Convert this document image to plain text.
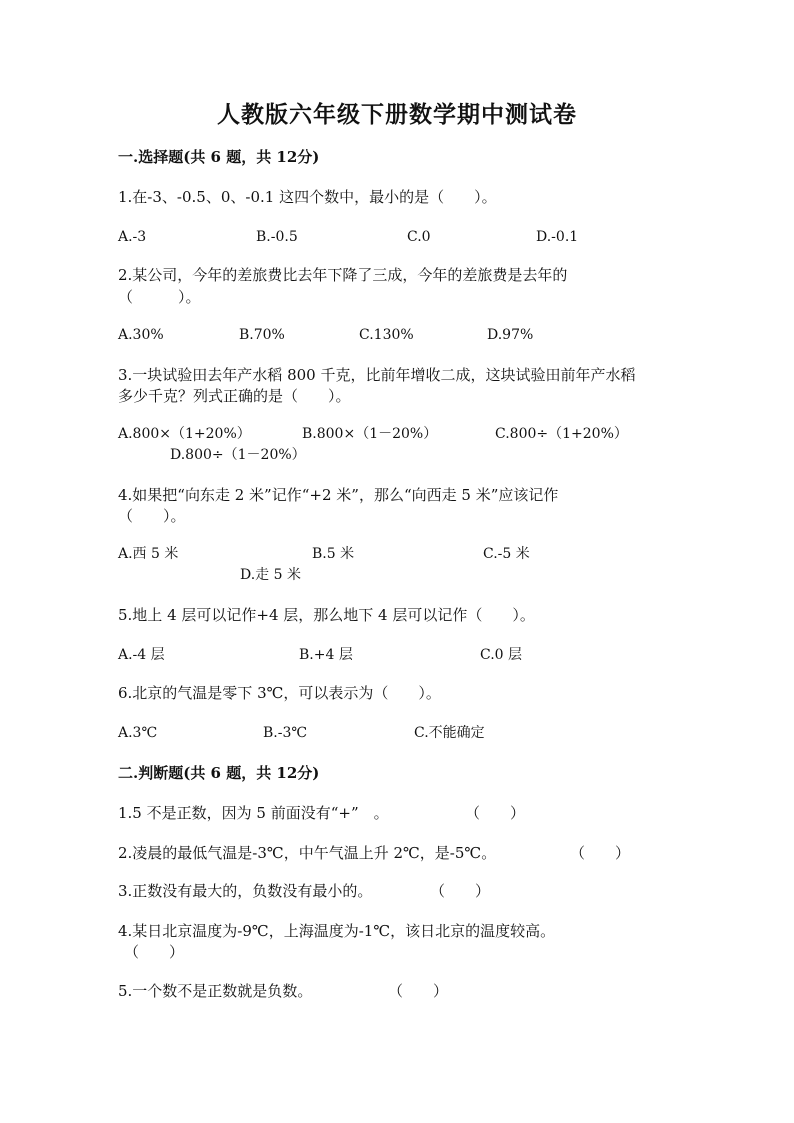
人教版六年级下册数学期中测试卷
一.选择题(共 6 题，共 12分)
1.在-3、-0.5、0、-0.1 这四个数中，最小的是（　　）。
A.-3	B.-0.5	C.0	D.-0.1
2.某公司，今年的差旅费比去年下降了三成，今年的差旅费是去年的
（　　　）。
A.30%	B.70%	C.130%	D.97%
3.一块试验田去年产水稻 800 千克，比前年增收二成，这块试验田前年产水稻
多少千克？列式正确的是（　　）。
A.800×（1+20%）	B.800×（1－20%）	C.800÷（1+20%）
D.800÷（1－20%）
4.如果把“向东走 2 米”记作“+2 米”，那么“向西走 5 米”应该记作
（　　）。
A.西 5 米	B.5 米	C.-5 米
D.走 5 米
5.地上 4 层可以记作+4 层，那么地下 4 层可以记作（　　）。
A.-4 层	B.+4 层	C.0 层
6.北京的气温是零下 3℃，可以表示为（　　）。
A.3℃	B.-3℃	C.不能确定
二.判断题(共 6 题，共 12分)
1.5 不是正数，因为 5 前面没有“+”　。	（　　）
2.凌晨的最低气温是-3℃，中午气温上升 2℃，是-5℃。	（　　）
3.正数没有最大的，负数没有最小的。	（　　）
4.某日北京温度为-9℃，上海温度为-1℃，该日北京的温度较高。
（　　）
5.一个数不是正数就是负数。	（　　）
